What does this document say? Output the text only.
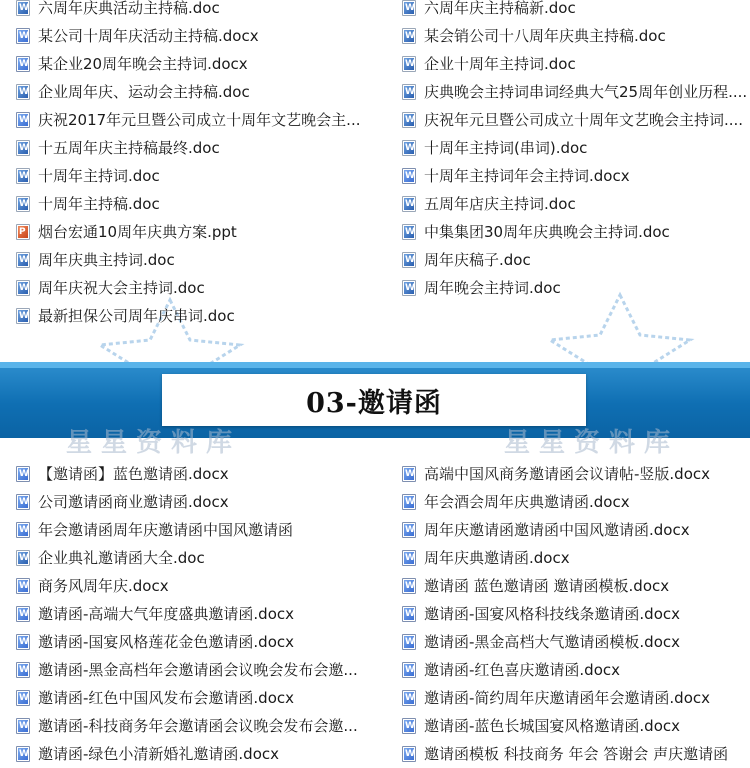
W
六周年庆典活动主持稿.doc
W
某公司十周年庆活动主持稿.docx
W
某企业20周年晚会主持词.docx
W
企业周年庆、运动会主持稿.doc
W
庆祝2017年元旦暨公司成立十周年文艺晚会主...
W
十五周年庆主持稿最终.doc
W
十周年主持词.doc
W
十周年主持稿.doc
P
烟台宏通10周年庆典方案.ppt
W
周年庆典主持词.doc
W
周年庆祝大会主持词.doc
W
最新担保公司周年庆串词.doc
W
六周年庆主持稿新.doc
W
某会销公司十八周年庆典主持稿.doc
W
企业十周年主持词.doc
W
庆典晚会主持词串词经典大气25周年创业历程....
W
庆祝年元旦暨公司成立十周年文艺晚会主持词....
W
十周年主持词(串词).doc
W
十周年主持词年会主持词.docx
W
五周年店庆主持词.doc
W
中集集团30周年庆典晚会主持词.doc
W
周年庆稿子.doc
W
周年晚会主持词.doc
03-邀请函
星星资料库	星星资料库
W
【邀请函】蓝色邀请函.docx
W
公司邀请函商业邀请函.docx
W
年会邀请函周年庆邀请函中国风邀请函
W
企业典礼邀请函大全.doc
W
商务风周年庆.docx
W
邀请函-高端大气年度盛典邀请函.docx
W
邀请函-国宴风格莲花金色邀请函.docx
W
邀请函-黑金高档年会邀请函会议晚会发布会邀...
W
邀请函-红色中国风发布会邀请函.docx
W
邀请函-科技商务年会邀请函会议晚会发布会邀...
W
邀请函-绿色小清新婚礼邀请函.docx
W
高端中国风商务邀请函会议请帖-竖版.docx
W
年会酒会周年庆典邀请函.docx
W
周年庆邀请函邀请函中国风邀请函.docx
W
周年庆典邀请函.docx
W
邀请函 蓝色邀请函 邀请函模板.docx
W
邀请函-国宴风格科技线条邀请函.docx
W
邀请函-黑金高档大气邀请函模板.docx
W
邀请函-红色喜庆邀请函.docx
W
邀请函-简约周年庆邀请函年会邀请函.docx
W
邀请函-蓝色长城国宴风格邀请函.docx
W
邀请函模板 科技商务 年会 答谢会 声庆邀请函
